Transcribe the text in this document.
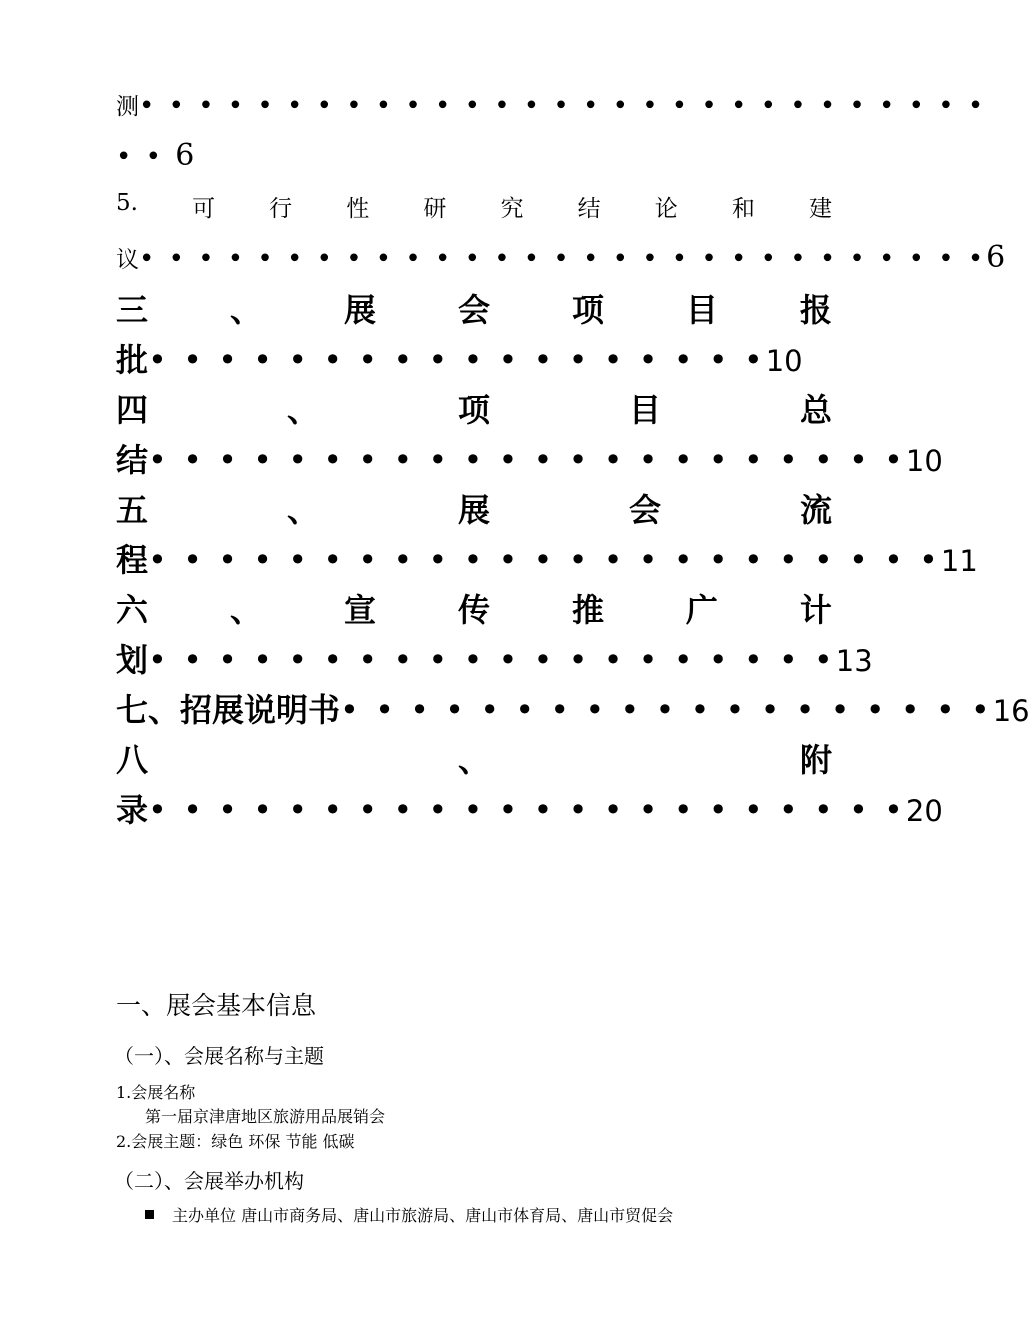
测• • • • • • • • • • • • • • • • • • • • • • • • • • • • •
• • 6
5. 可 行 性 研 究 结 论 和 建
议• • • • • • • • • • • • • • • • • • • • • • • • • • • • •6
三	、	展	会	项	目	报
批• • • • • • • • • • • • • • • • • •10
四	、	项	目	总
结• • • • • • • • • • • • • • • • • • • • • •10
五	、	展	会	流
程• • • • • • • • • • • • • • • • • • • • • • •11
六	、	宣	传	推	广	计
划• • • • • • • • • • • • • • • • • • • •13
七、招展说明书• • • • • • • • • • • • • • • • • • •16
八	、	附
录• • • • • • • • • • • • • • • • • • • • • •20
一、展会基本信息
（一）、会展名称与主题
1.会展名称
第一届京津唐地区旅游用品展销会
2.会展主题：绿色 环保 节能 低碳
（二）、会展举办机构
主办单位 唐山市商务局、唐山市旅游局、唐山市体育局、唐山市贸促会
